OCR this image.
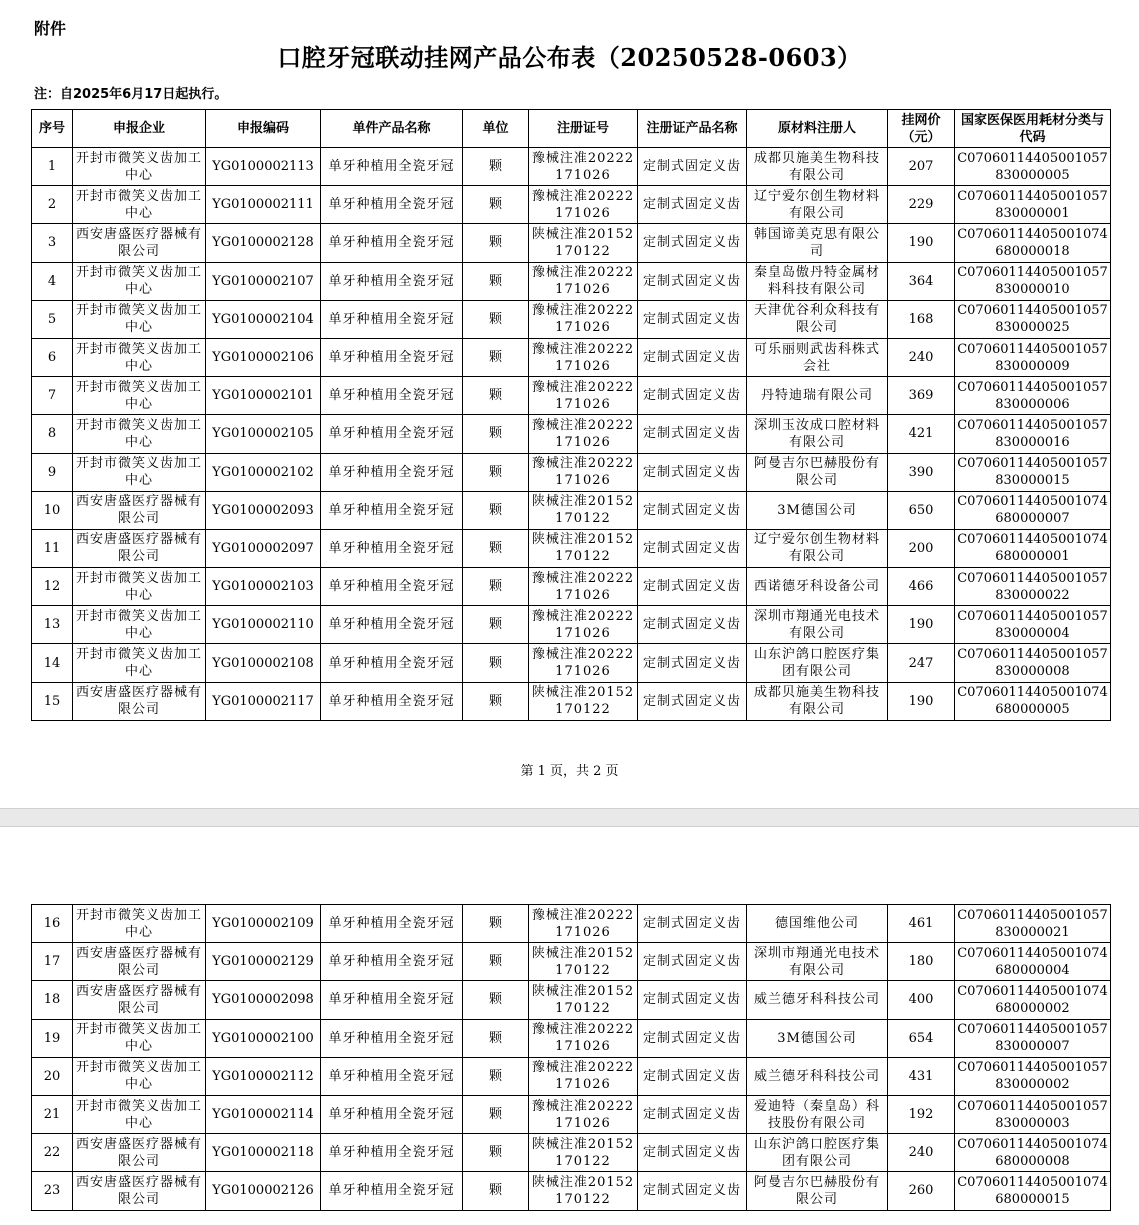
附件
口腔牙冠联动挂网产品公布表（20250528-0603）
注：自2025年6月17日起执行。
序号	申报企业	申报编码	单件产品名称	单位	注册证号	注册证产品名称	原材料注册人	挂网价（元）	国家医保医用耗材分类与代码
1	开封市微笑义齿加工中心	YG0100002113	单牙种植用全瓷牙冠	颗	豫械注准20222171026	定制式固定义齿	成都贝施美生物科技有限公司	207	C07060114405001057830000005
2	开封市微笑义齿加工中心	YG0100002111	单牙种植用全瓷牙冠	颗	豫械注准20222171026	定制式固定义齿	辽宁爱尔创生物材料有限公司	229	C07060114405001057830000001
3	西安唐盛医疗器械有限公司	YG0100002128	单牙种植用全瓷牙冠	颗	陕械注准20152170122	定制式固定义齿	韩国谛美克思有限公司	190	C07060114405001074680000018
4	开封市微笑义齿加工中心	YG0100002107	单牙种植用全瓷牙冠	颗	豫械注准20222171026	定制式固定义齿	秦皇岛傲丹特金属材料科技有限公司	364	C07060114405001057830000010
5	开封市微笑义齿加工中心	YG0100002104	单牙种植用全瓷牙冠	颗	豫械注准20222171026	定制式固定义齿	天津优谷利众科技有限公司	168	C07060114405001057830000025
6	开封市微笑义齿加工中心	YG0100002106	单牙种植用全瓷牙冠	颗	豫械注准20222171026	定制式固定义齿	可乐丽则武齿科株式会社	240	C07060114405001057830000009
7	开封市微笑义齿加工中心	YG0100002101	单牙种植用全瓷牙冠	颗	豫械注准20222171026	定制式固定义齿	丹特迪瑞有限公司	369	C07060114405001057830000006
8	开封市微笑义齿加工中心	YG0100002105	单牙种植用全瓷牙冠	颗	豫械注准20222171026	定制式固定义齿	深圳玉汝成口腔材料有限公司	421	C07060114405001057830000016
9	开封市微笑义齿加工中心	YG0100002102	单牙种植用全瓷牙冠	颗	豫械注准20222171026	定制式固定义齿	阿曼吉尔巴赫股份有限公司	390	C07060114405001057830000015
10	西安唐盛医疗器械有限公司	YG0100002093	单牙种植用全瓷牙冠	颗	陕械注准20152170122	定制式固定义齿	3M德国公司	650	C07060114405001074680000007
11	西安唐盛医疗器械有限公司	YG0100002097	单牙种植用全瓷牙冠	颗	陕械注准20152170122	定制式固定义齿	辽宁爱尔创生物材料有限公司	200	C07060114405001074680000001
12	开封市微笑义齿加工中心	YG0100002103	单牙种植用全瓷牙冠	颗	豫械注准20222171026	定制式固定义齿	西诺德牙科设备公司	466	C07060114405001057830000022
13	开封市微笑义齿加工中心	YG0100002110	单牙种植用全瓷牙冠	颗	豫械注准20222171026	定制式固定义齿	深圳市翔通光电技术有限公司	190	C07060114405001057830000004
14	开封市微笑义齿加工中心	YG0100002108	单牙种植用全瓷牙冠	颗	豫械注准20222171026	定制式固定义齿	山东沪鸽口腔医疗集团有限公司	247	C07060114405001057830000008
15	西安唐盛医疗器械有限公司	YG0100002117	单牙种植用全瓷牙冠	颗	陕械注准20152170122	定制式固定义齿	成都贝施美生物科技有限公司	190	C07060114405001074680000005
第 1 页，共 2 页
16	开封市微笑义齿加工中心	YG0100002109	单牙种植用全瓷牙冠	颗	豫械注准20222171026	定制式固定义齿	德国维他公司	461	C07060114405001057830000021
17	西安唐盛医疗器械有限公司	YG0100002129	单牙种植用全瓷牙冠	颗	陕械注准20152170122	定制式固定义齿	深圳市翔通光电技术有限公司	180	C07060114405001074680000004
18	西安唐盛医疗器械有限公司	YG0100002098	单牙种植用全瓷牙冠	颗	陕械注准20152170122	定制式固定义齿	威兰德牙科科技公司	400	C07060114405001074680000002
19	开封市微笑义齿加工中心	YG0100002100	单牙种植用全瓷牙冠	颗	豫械注准20222171026	定制式固定义齿	3M德国公司	654	C07060114405001057830000007
20	开封市微笑义齿加工中心	YG0100002112	单牙种植用全瓷牙冠	颗	豫械注准20222171026	定制式固定义齿	威兰德牙科科技公司	431	C07060114405001057830000002
21	开封市微笑义齿加工中心	YG0100002114	单牙种植用全瓷牙冠	颗	豫械注准20222171026	定制式固定义齿	爱迪特（秦皇岛）科技股份有限公司	192	C07060114405001057830000003
22	西安唐盛医疗器械有限公司	YG0100002118	单牙种植用全瓷牙冠	颗	陕械注准20152170122	定制式固定义齿	山东沪鸽口腔医疗集团有限公司	240	C07060114405001074680000008
23	西安唐盛医疗器械有限公司	YG0100002126	单牙种植用全瓷牙冠	颗	陕械注准20152170122	定制式固定义齿	阿曼吉尔巴赫股份有限公司	260	C07060114405001074680000015
